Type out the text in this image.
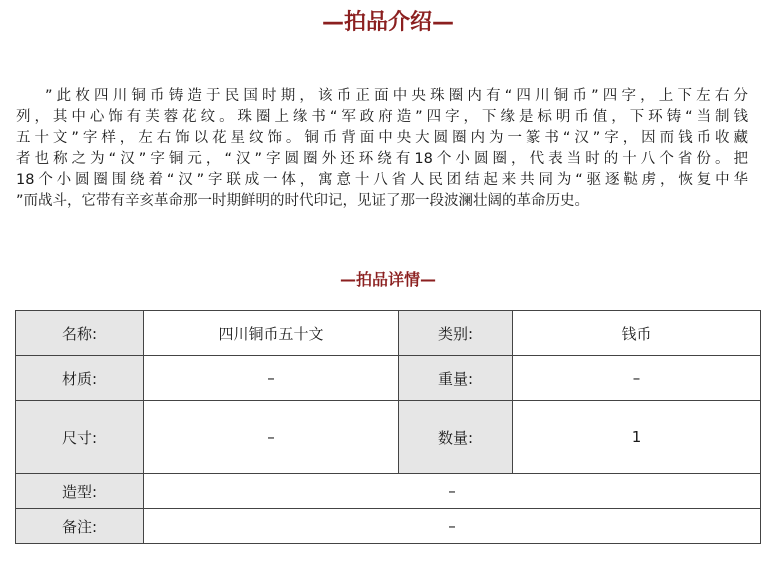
—拍品介绍—

”此枚四川铜币铸造于民国时期，该币正面中央珠圈内有“四川铜币”四字，上下左右分
列，其中心饰有芙蓉花纹。珠圈上缘书“军政府造”四字，下缘是标明币值，下环铸“当制钱
五十文”字样，左右饰以花星纹饰。铜币背面中央大圆圈内为一篆书“汉”字，因而钱币收藏
者也称之为“汉”字铜元，“汉”字圆圈外还环绕有18个小圆圈，代表当时的十八个省份。把
18个小圆圈围绕着“汉”字联成一体，寓意十八省人民团结起来共同为“驱逐鞑虏，恢复中华
”而战斗，它带有辛亥革命那一时期鲜明的时代印记，见证了那一段波澜壮阔的革命历史。

—拍品详情—
名称:	四川铜币五十文	类别:	钱币
材质:	–	重量:	–
尺寸:	–	数量:	1
造型:	–		
备注:	–		
